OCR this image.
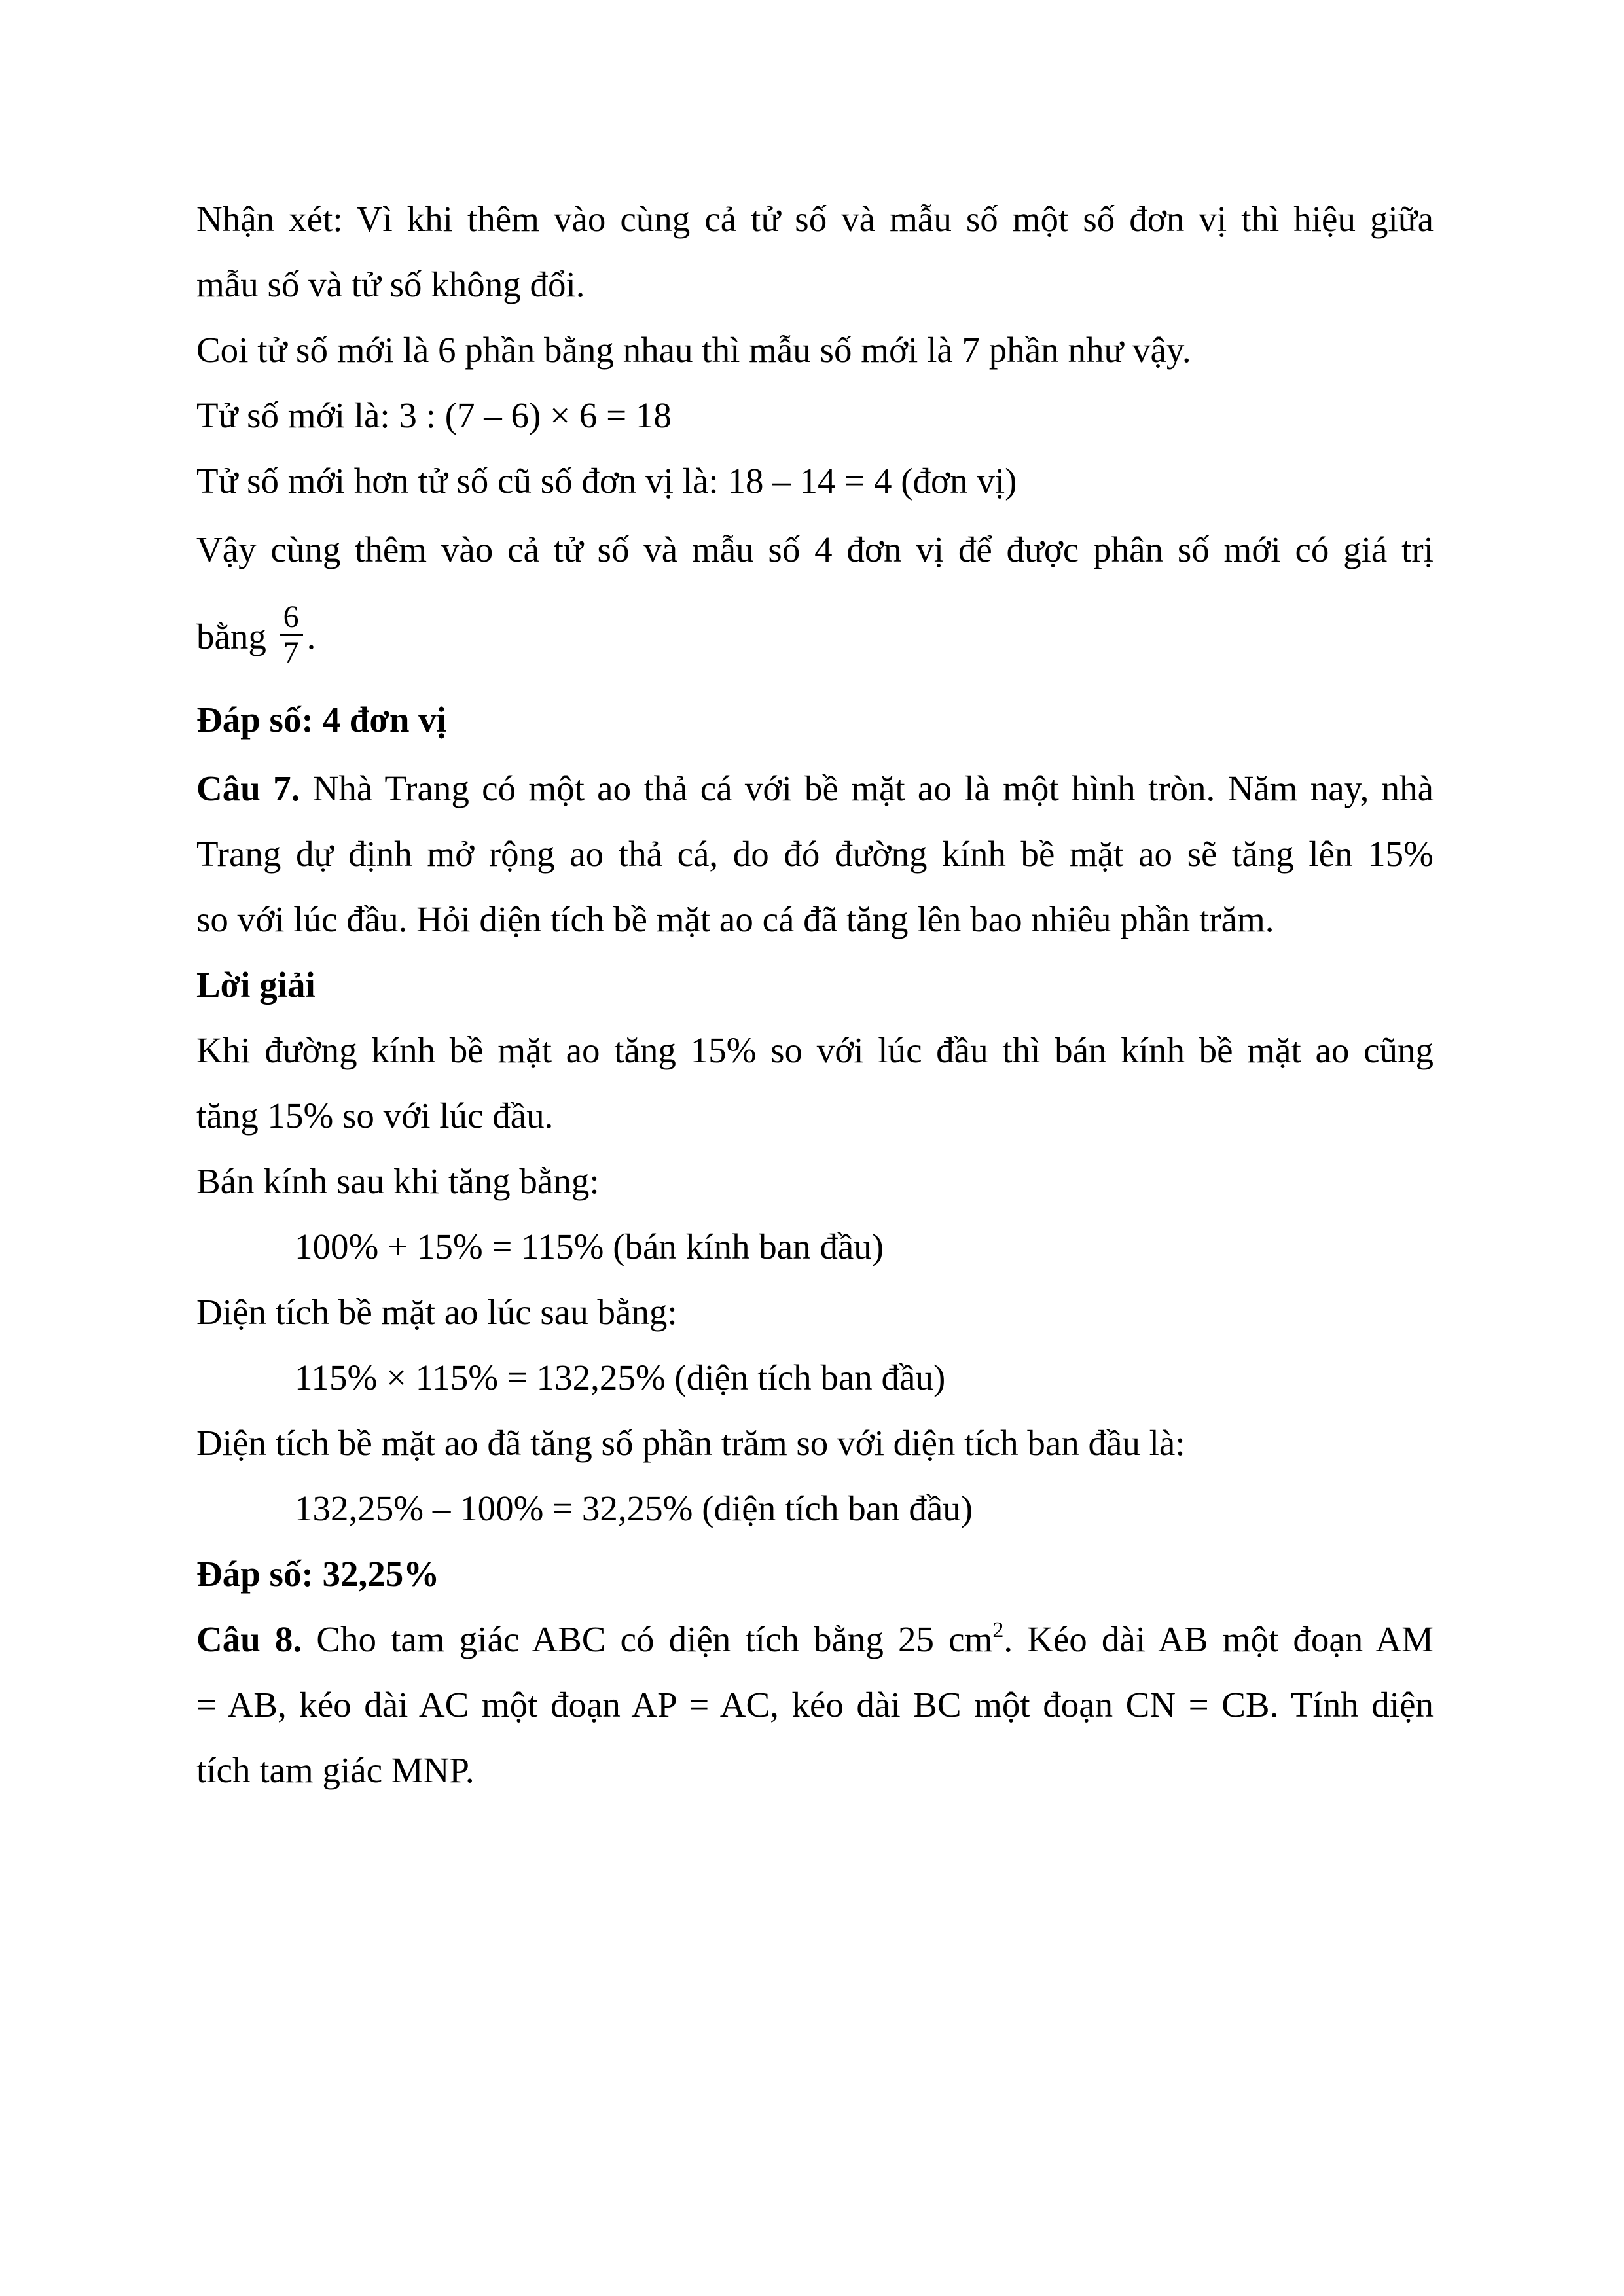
Nhận xét: Vì khi thêm vào cùng cả tử số và mẫu số một số đơn vị thì hiệu giữa
mẫu số và tử số không đổi.
Coi tử số mới là 6 phần bằng nhau thì mẫu số mới là 7 phần như vậy.
Tử số mới là: 3 : (7 – 6) × 6 = 18
Tử số mới hơn tử số cũ số đơn vị là: 18 – 14 = 4 (đơn vị)
Vậy cùng thêm vào cả tử số và mẫu số 4 đơn vị để được phân số mới có giá trị
bằng $\frac{6}{7}$ .
Đáp số: 4 đơn vị
Câu 7. Nhà Trang có một ao thả cá với bề mặt ao là một hình tròn. Năm nay, nhà
Trang dự định mở rộng ao thả cá, do đó đường kính bề mặt ao sẽ tăng lên 15%
so với lúc đầu. Hỏi diện tích bề mặt ao cá đã tăng lên bao nhiêu phần trăm.
Lời giải
Khi đường kính bề mặt ao tăng 15% so với lúc đầu thì bán kính bề mặt ao cũng
tăng 15% so với lúc đầu.
Bán kính sau khi tăng bằng:
100% + 15% = 115% (bán kính ban đầu)
Diện tích bề mặt ao lúc sau bằng:
115% × 115% = 132,25% (diện tích ban đầu)
Diện tích bề mặt ao đã tăng số phần trăm so với diện tích ban đầu là:
132,25% – 100% = 32,25% (diện tích ban đầu)
Đáp số: 32,25%
Câu 8. Cho tam giác ABC có diện tích bằng 25 $cm^2$. Kéo dài AB một đoạn AM
= AB, kéo dài AC một đoạn AP = AC, kéo dài BC một đoạn CN = CB. Tính diện
tích tam giác MNP.
